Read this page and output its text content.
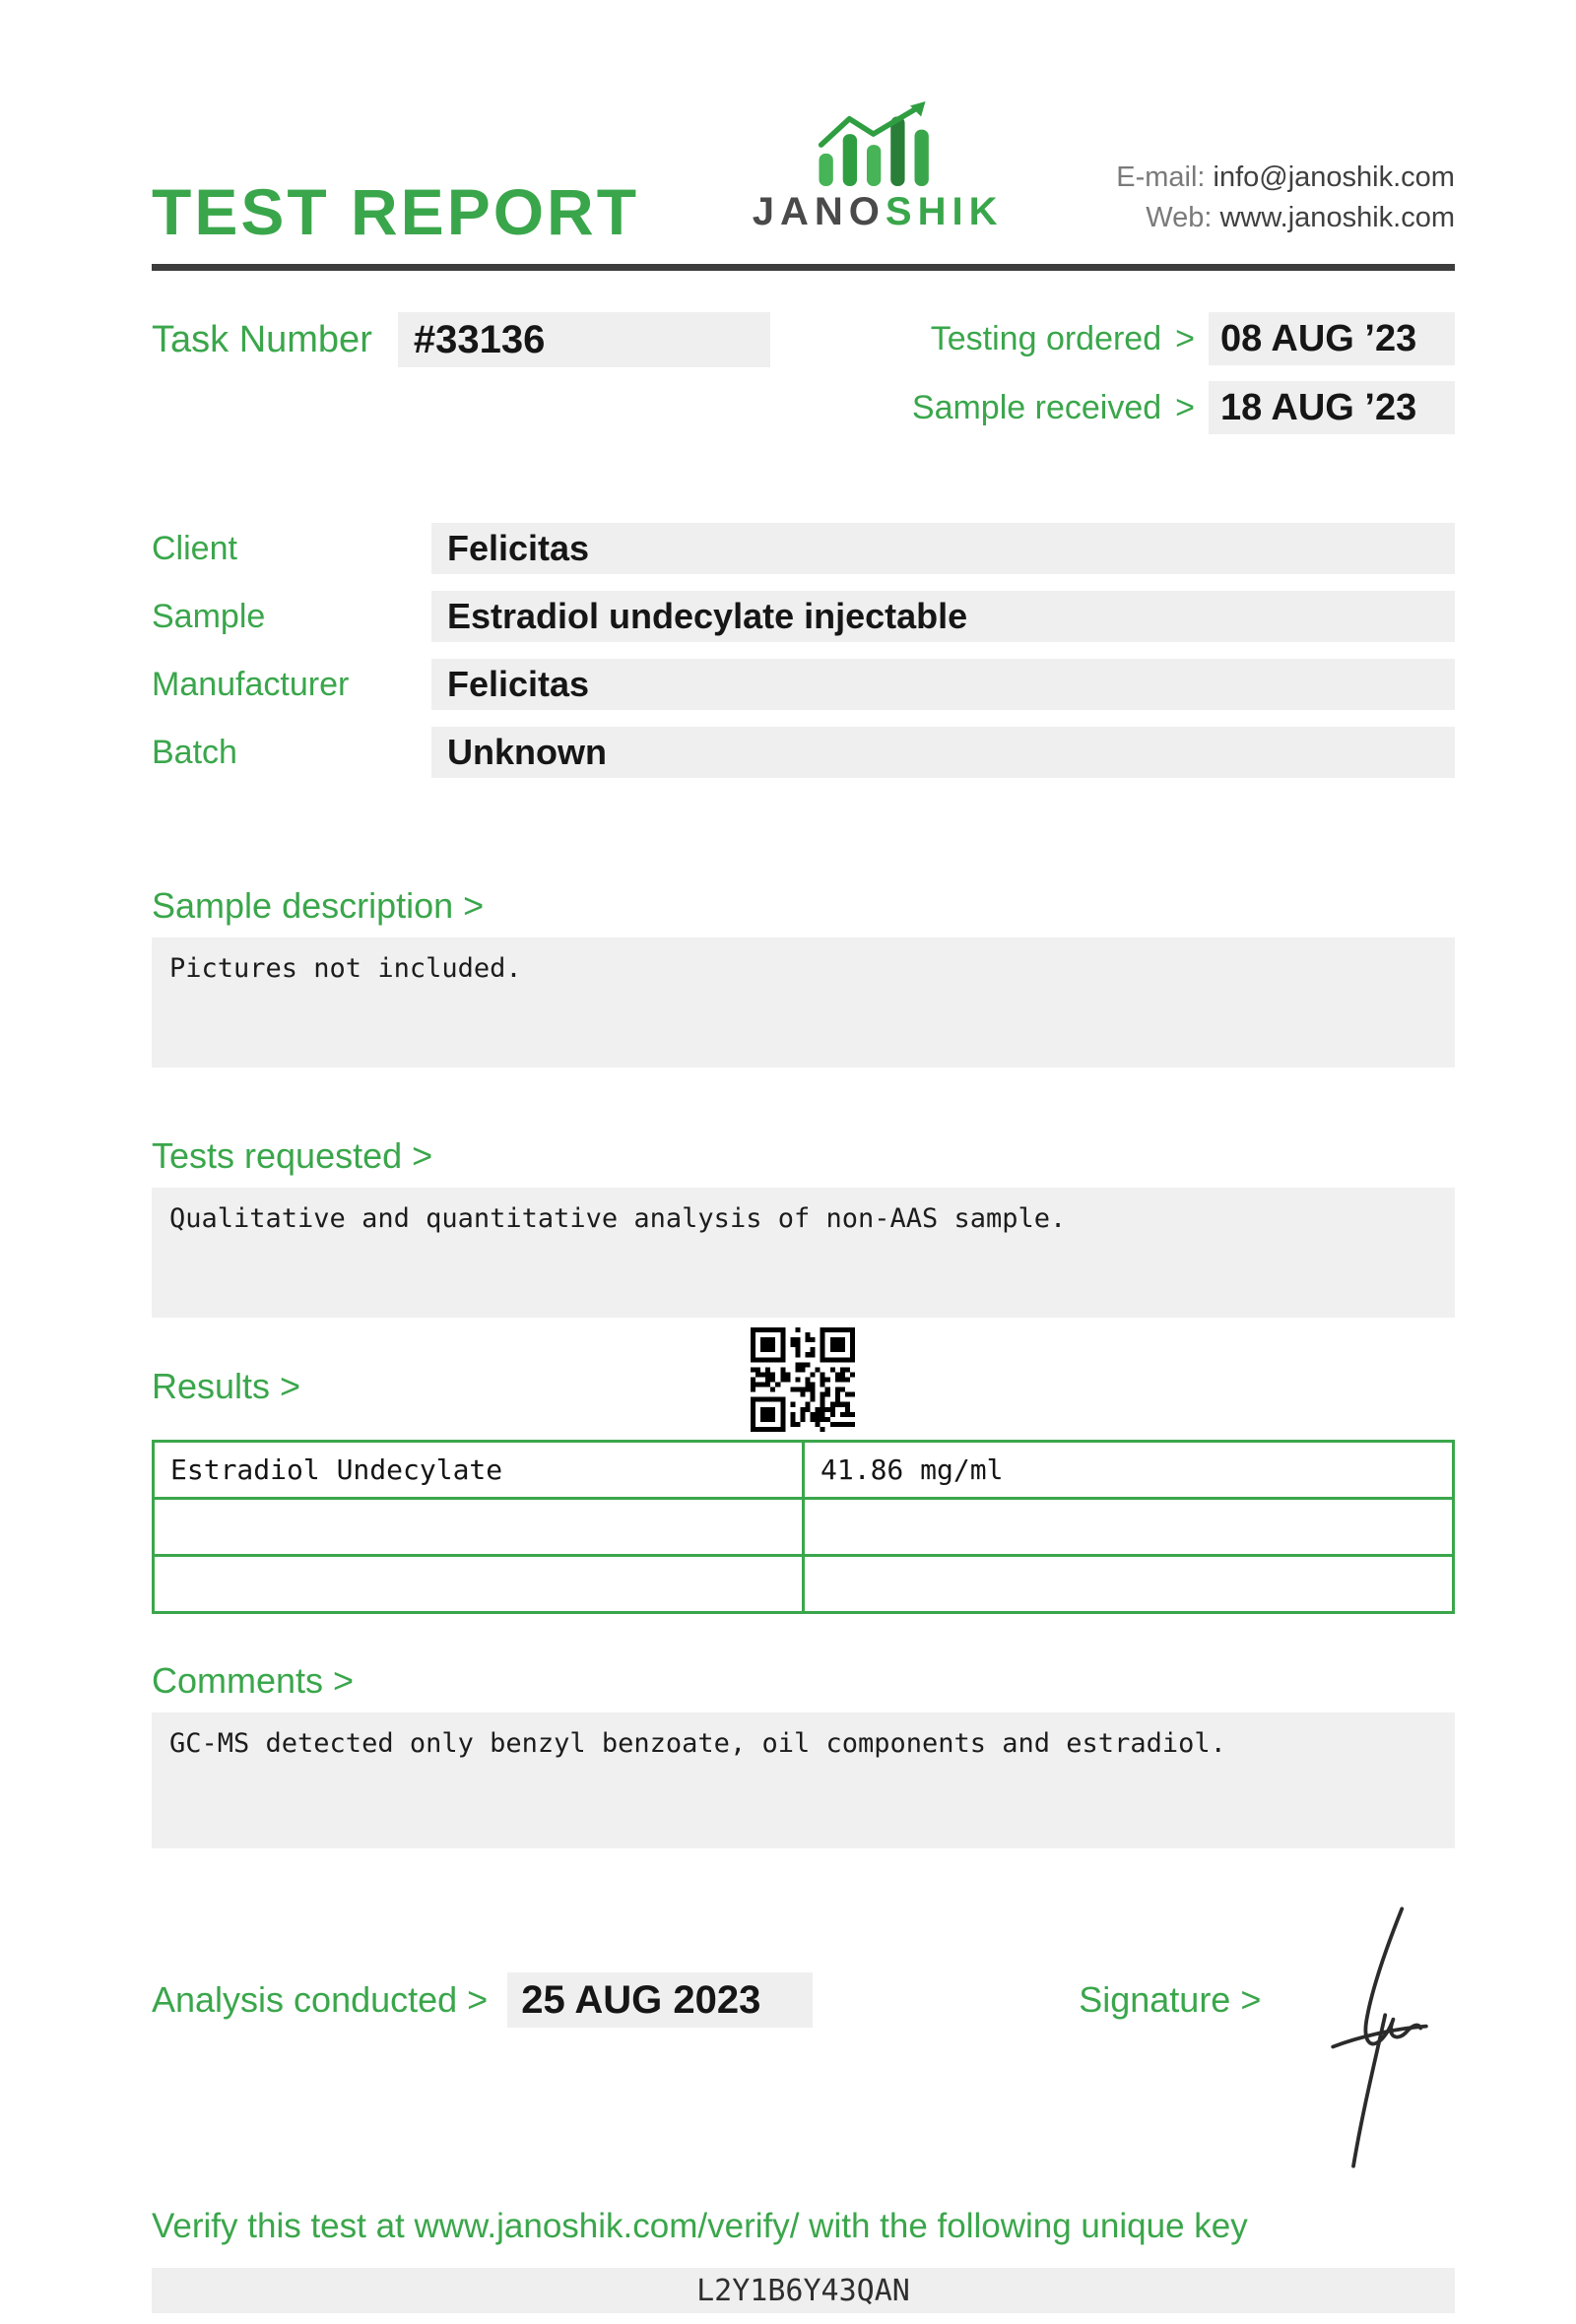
TEST REPORT	JANOSHIK
E-mail: info@janoshik.com
Web: www.janoshik.com
Task Number #33136	Testing ordered > 08 AUG ’23
Sample received > 18 AUG ’23
Client	Felicitas
Sample	Estradiol undecylate injectable
Manufacturer	Felicitas
Batch	Unknown
Sample description >
Pictures not included.
Tests requested >
Qualitative and quantitative analysis of non-AAS sample.
Results >
Estradiol Undecylate	41.86 mg/ml

Comments >
GC-MS detected only benzyl benzoate, oil components and estradiol.
Analysis conducted > 25 AUG 2023	Signature >
Verify this test at www.janoshik.com/verify/ with the following unique key
L2Y1B6Y43QAN
